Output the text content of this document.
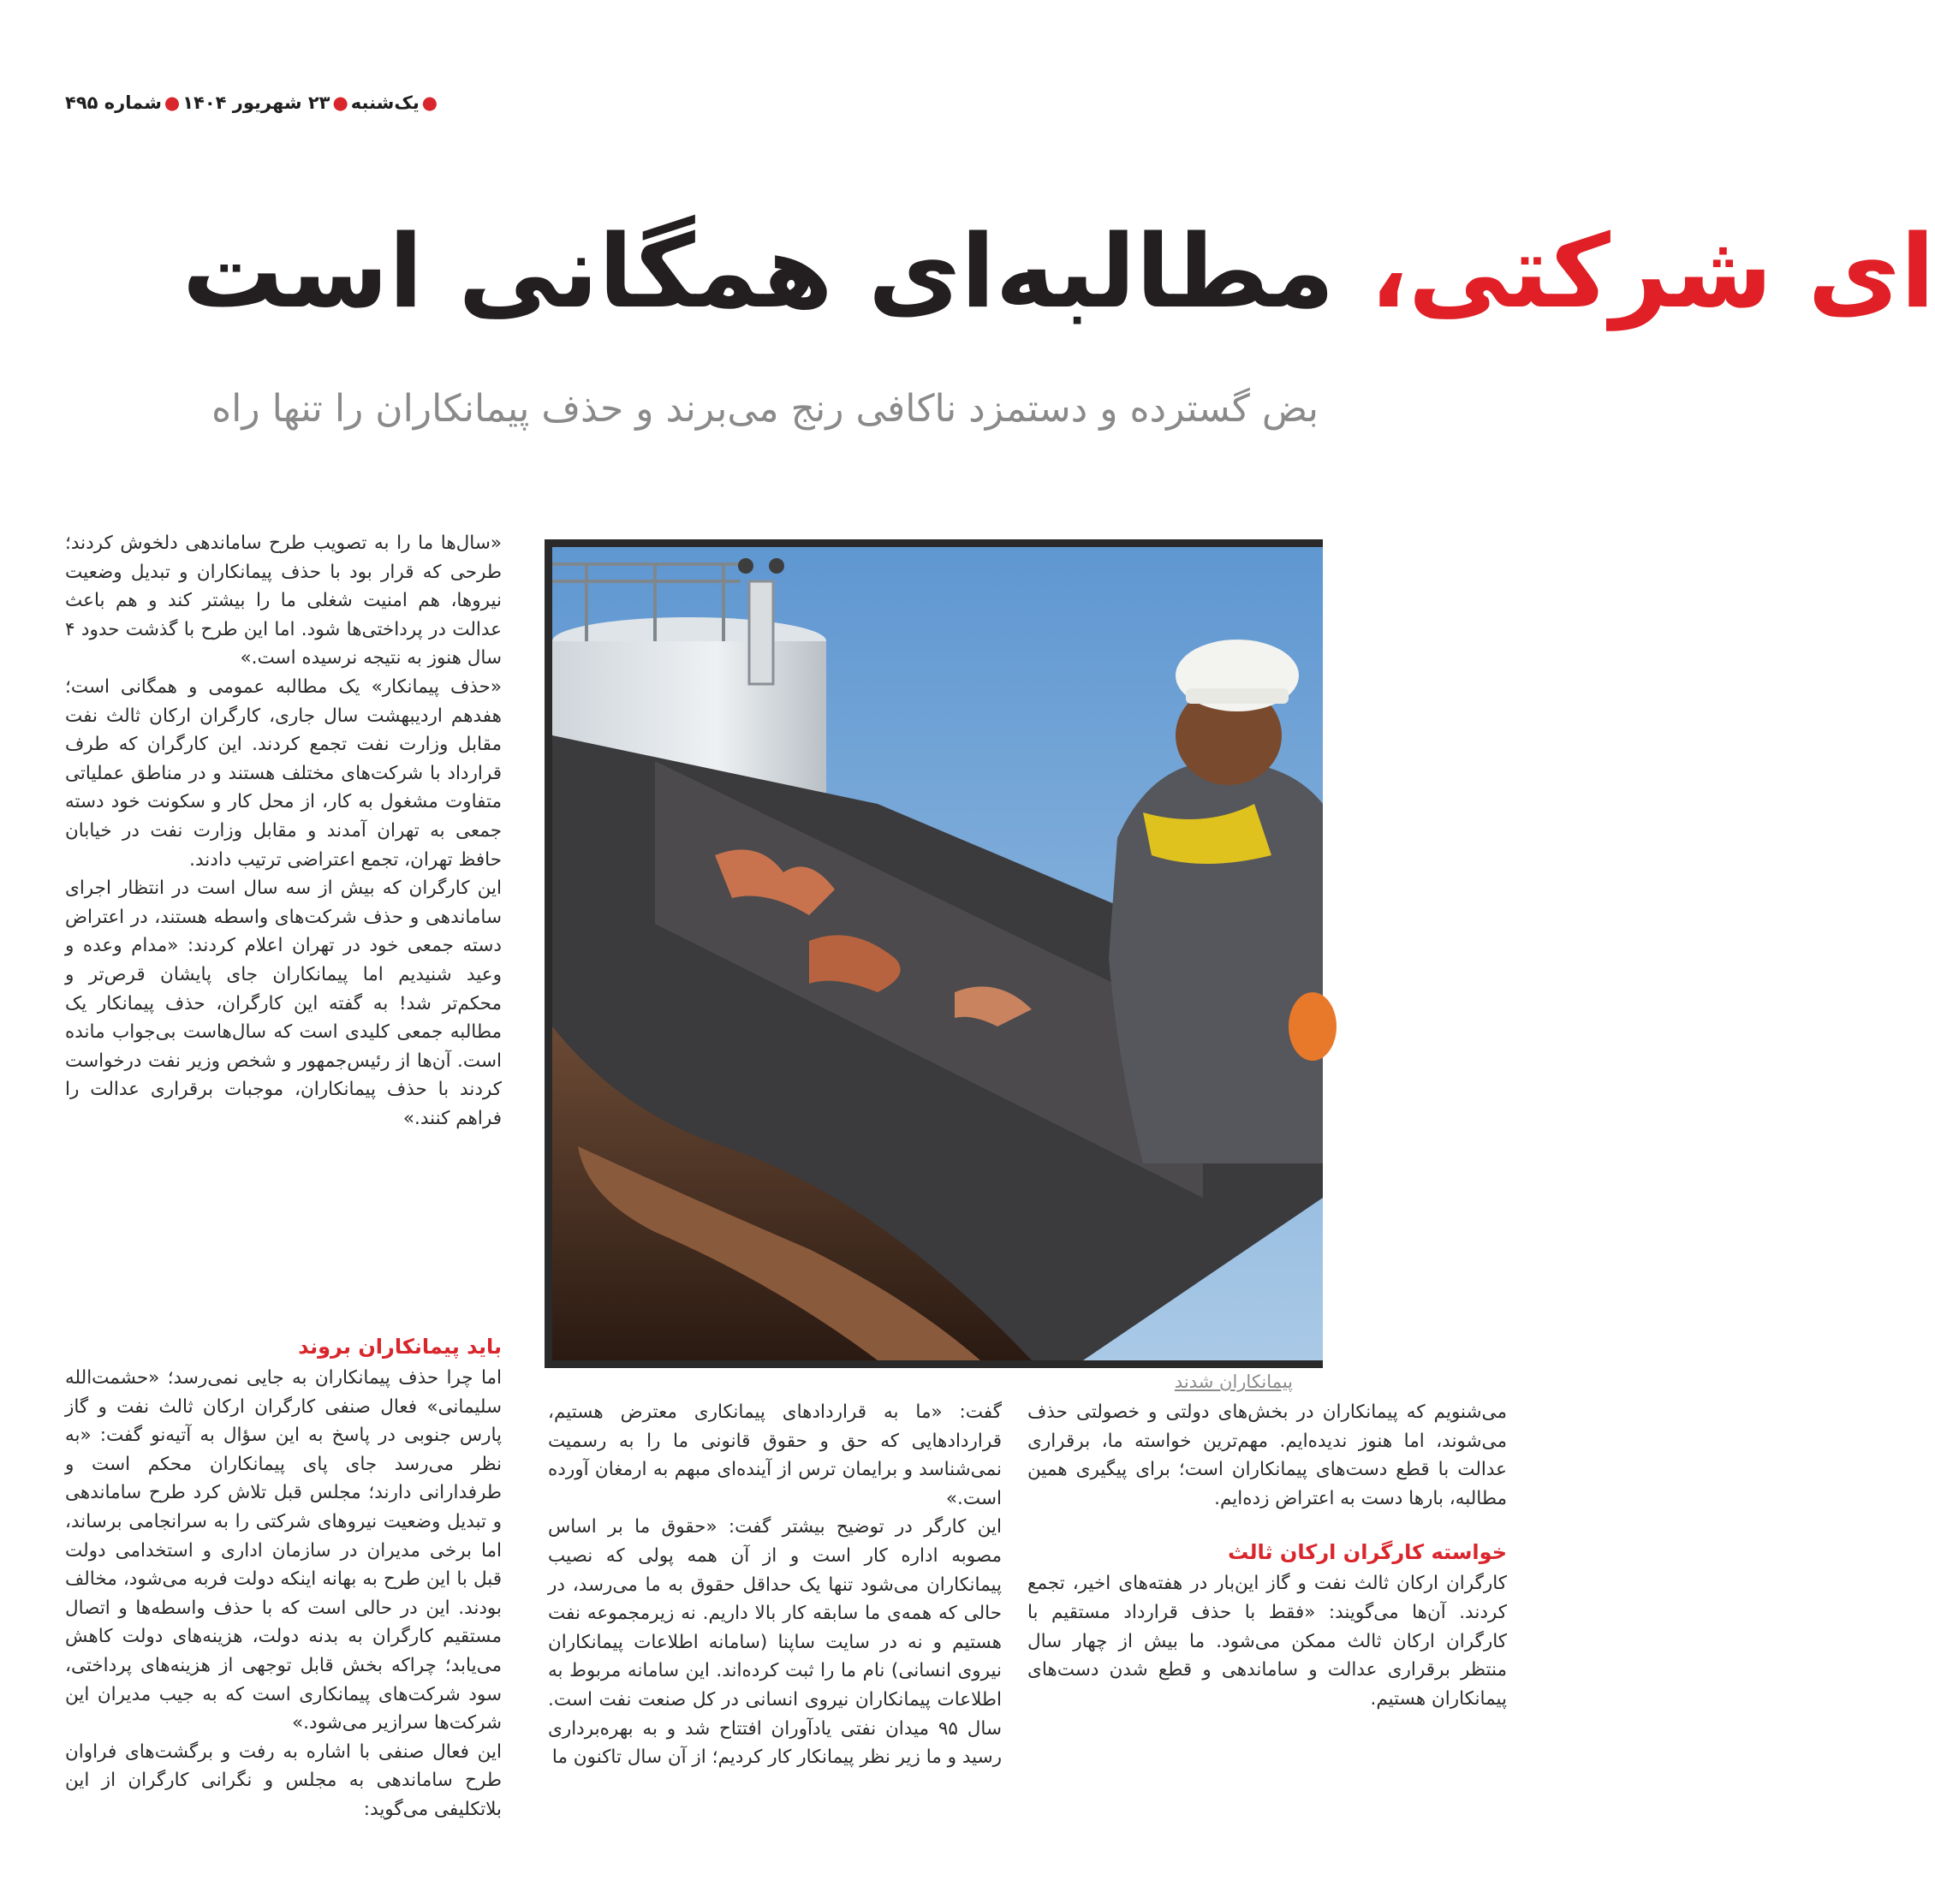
●یک‌شنبه●۲۳ شهریور ۱۴۰۴●شماره ۴۹۵
ای شرکتی، مطالبه‌ای همگانی است
بض گسترده و دستمزد ناکافی رنج می‌برند و حذف پیمانکاران را تنها راه

«سال‌ها ما را به تصویب طرح ساماندهی دلخوش کردند؛ طرحی که قرار بود با حذف پیمانکاران و تبدیل وضعیت نیروها، هم امنیت شغلی ما را بیشتر کند و هم باعث عدالت در پرداختی‌ها شود. اما این طرح با گذشت حدود ۴ سال هنوز به نتیجه نرسیده است.»

«حذف پیمانکار» یک مطالبه عمومی و همگانی است؛ هفدهم اردیبهشت سال جاری، کارگران ارکان ثالث نفت مقابل وزارت نفت تجمع کردند. این کارگران که طرف قرارداد با شرکت‌های مختلف هستند و در مناطق عملیاتی متفاوت مشغول به کار، از محل کار و سکونت خود دسته جمعی به تهران آمدند و مقابل وزارت نفت در خیابان حافظ تهران، تجمع اعتراضی ترتیب دادند.

این کارگران که بیش از سه سال است در انتظار اجرای ساماندهی و حذف شرکت‌های واسطه هستند، در اعتراض دسته جمعی خود در تهران اعلام کردند: «مدام وعده و وعید شنیدیم اما پیمانکاران جای پایشان قرص‌تر و محکم‌تر شد! به گفته این کارگران، حذف پیمانکار یک مطالبه جمعی کلیدی است که سال‌هاست بی‌جواب مانده است. آن‌ها از رئیس‌جمهور و شخص وزیر نفت درخواست کردند با حذف پیمانکاران، موجبات برقراری عدالت را فراهم کنند.»

باید پیمانکاران بروند

اما چرا حذف پیمانکاران به جایی نمی‌رسد؛ «حشمت‌الله سلیمانی» فعال صنفی کارگران ارکان ثالث نفت و گاز پارس جنوبی در پاسخ به این سؤال به آتیه‌نو گفت: «به نظر می‌رسد جای پای پیمانکاران محکم است و طرفدارانی دارند؛ مجلس قبل تلاش کرد طرح ساماندهی و تبدیل وضعیت نیروهای شرکتی را به سرانجامی برساند، اما برخی مدیران در سازمان اداری و استخدامی دولت قبل با این طرح به بهانه اینکه دولت فربه می‌شود، مخالف بودند. این در حالی است که با حذف واسطه‌ها و اتصال مستقیم کارگران به بدنه دولت، هزینه‌های دولت کاهش می‌یابد؛ چراکه بخش قابل توجهی از هزینه‌های پرداختی، سود شرکت‌های پیمانکاری است که به جیب مدیران این شرکت‌ها سرازیر می‌شود.»

این فعال صنفی با اشاره به رفت و برگشت‌های فراوان طرح ساماندهی به مجلس و نگرانی کارگران از این بلاتکلیفی می‌گوید:

گفت: «ما به قراردادهای پیمانکاری معترض هستیم، قراردادهایی که حق و حقوق قانونی ما را به رسمیت نمی‌شناسد و برایمان ترس از آینده‌ای مبهم به ارمغان آورده است.»

این کارگر در توضیح بیشتر گفت: «حقوق ما بر اساس مصوبه اداره کار است و از آن همه پولی که نصیب پیمانکاران می‌شود تنها یک حداقل حقوق به ما می‌رسد، در حالی که همه‌ی ما سابقه کار بالا داریم. نه زیرمجموعه نفت هستیم و نه در سایت ساپنا (سامانه اطلاعات پیمانکاران نیروی انسانی) نام ما را ثبت کرده‌اند. این سامانه مربوط به اطلاعات پیمانکاران نیروی انسانی در کل صنعت نفت است. سال ۹۵ میدان نفتی یادآوران افتتاح شد و به بهره‌برداری رسید و ما زیر نظر پیمانکار کار کردیم؛ از آن سال تاکنون ما

می‌شنویم که پیمانکاران در بخش‌های دولتی و خصولتی حذف می‌شوند، اما هنوز ندیده‌ایم. مهم‌ترین خواسته ما، برقراری عدالت با قطع دست‌های پیمانکاران است؛ برای پیگیری همین مطالبه، بارها دست به اعتراض زده‌ایم.

خواسته کارگران ارکان ثالث

کارگران ارکان ثالث نفت و گاز این‌بار در هفته‌های اخیر، تجمع کردند. آن‌ها می‌گویند: «فقط با حذف قرارداد مستقیم با کارگران ارکان ثالث ممکن می‌شود. ما بیش از چهار سال منتظر برقراری عدالت و ساماندهی و قطع شدن دست‌های پیمانکاران هستیم.

پیمانکاران شدند
